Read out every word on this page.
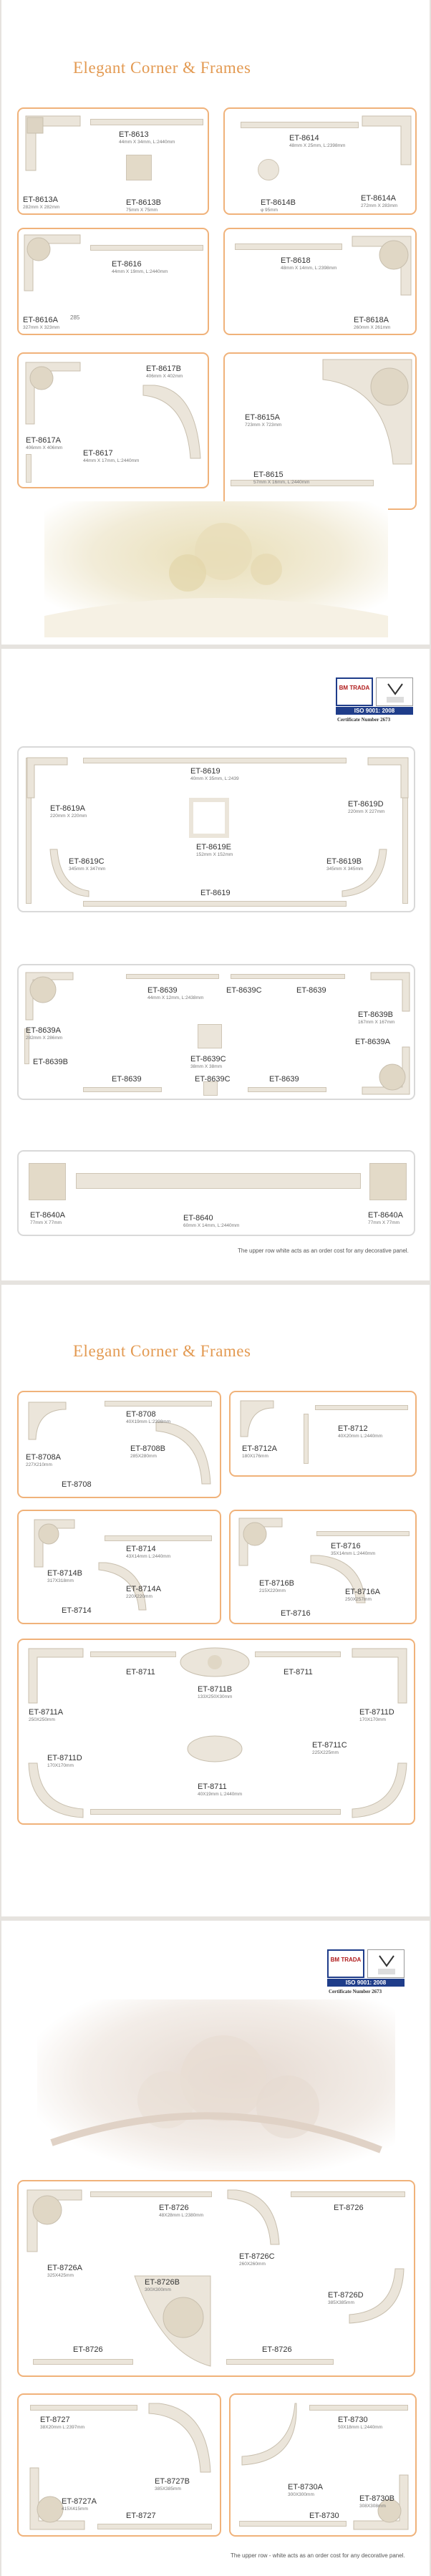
Elegant Corner & Frames
ET-8613
44mm X 34mm, L:2440mm
ET-8613A
282mm X 282mm
ET-8613B
75mm X 75mm
ET-8614
48mm X 25mm, L:2398mm
ET-8614B
φ 95mm
ET-8614A
272mm X 283mm
ET-8616
44mm X 19mm, L:2440mm
ET-8616A
327mm X 323mm
285
ET-8618
48mm X 14mm, L:2398mm
ET-8618A
260mm X 261mm
ET-8617B
406mm X 402mm
ET-8617A
406mm X 406mm
ET-8617
44mm X 17mm, L:2440mm
ET-8615A
723mm X 723mm
ET-8615
57mm X 16mm, L:2440mm
BM TRADA
ISO 9001: 2008
Certificate Number 2673
ET-8619
40mm X 35mm, L:2439
ET-8619A
220mm X 220mm
ET-8619D
220mm X 227mm
ET-8619E
152mm X 152mm
ET-8619C
345mm X 347mm
ET-8619B
345mm X 345mm
ET-8619
ET-8639
44mm X 12mm, L:2438mm
ET-8639C	ET-8639
ET-8639B
167mm X 167mm
ET-8639A
282mm X 286mm
ET-8639C
38mm X 38mm
ET-8639B
ET-8639A
ET-8639	ET-8639C	ET-8639
ET-8640A
77mm X 77mm
ET-8640
60mm X 14mm, L:2440mm
ET-8640A
77mm X 77mm
The upper row white acts as an order cost for any decorative panel.
Elegant Corner & Frames
ET-8708
40X19mm L:2398mm
ET-8708A
227X210mm
ET-8708B
285X280mm
ET-8708
ET-8712
40X20mm L:2440mm
ET-8712A
180X176mm
ET-8714
43X14mm L:2440mm
ET-8714B
317X318mm
ET-8714A
220X220mm
ET-8714
ET-8716
35X14mm L:2440mm
ET-8716B
215X220mm	ET-8716A
250X257mm
ET-8716
ET-8711
ET-8711B
133X250X30mm
ET-8711
ET-8711A
250X250mm
ET-8711D
170X170mm
ET-8711D
170X170mm
ET-8711C
225X225mm
ET-8711
40X19mm L:2440mm
BM TRADA
ISO 9001: 2008
Certificate Number 2673
ET-8726
48X28mm L:2380mm
ET-8726
ET-8726A
325X425mm
ET-8726C
260X260mm
ET-8726B
300X300mm
ET-8726D
385X385mm
ET-8726	ET-8726
ET-8727
38X20mm L:2397mm
ET-8727B
385X385mm
ET-8727A
415X415mm
ET-8727
ET-8730
50X18mm L:2440mm
ET-8730A
300X300mm	ET-8730B
308X308mm
ET-8730
The upper row - white acts as an order cost for any decorative panel.
